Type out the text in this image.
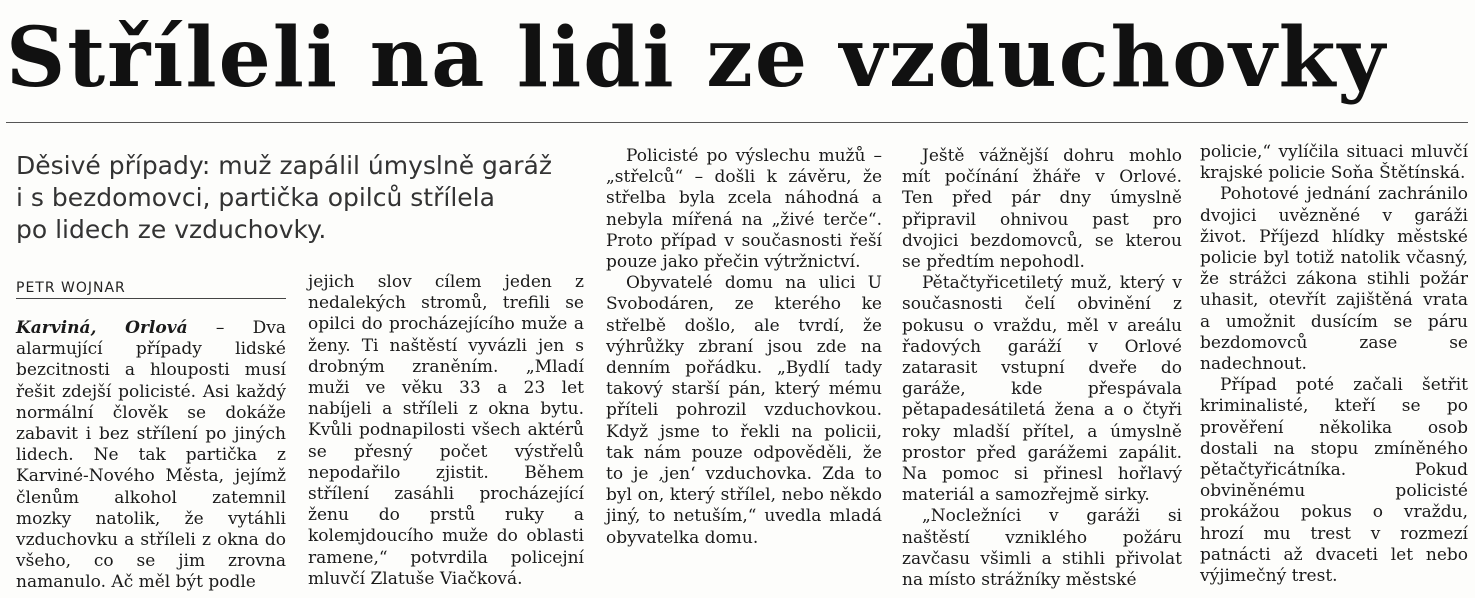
Stříleli na lidi ze vzduchovky
Děsivé případy: muž zapálil úmyslně garáž
i s bezdomovci, partička opilců střílela
po lidech ze vzduchovky.
PETR WOJNAR

Karviná, Orlová – Dva alarmující případy lidské bezcitnosti a hlouposti musí řešit zdejší policisté. Asi každý normální člověk se dokáže zabavit i bez střílení po jiných lidech. Ne tak partička z Karviné-Nového Města, jejímž členům alkohol zatemnil mozky natolik, že vytáhli vzduchovku a stříleli z okna do všeho, co se jim zrovna namanulo. Ač měl být podle

jejich slov cílem jeden z nedalekých stromů, trefili se opilci do procházejícího muže a ženy. Ti naštěstí vyvázli jen s drobným zraněním. „Mladí muži ve věku 33 a 23 let nabíjeli a stříleli z okna bytu. Kvůli podnapilosti všech aktérů se přesný počet výstřelů nepodařilo zjistit. Během střílení zasáhli procházející ženu do prstů ruky a kolemjdoucího muže do oblasti ramene,“ potvrdila policejní mluvčí Zlatuše Viačková.

Policisté po výslechu mužů – „střelců“ – došli k závěru, že střelba byla zcela náhodná a nebyla mířená na „živé terče“. Proto případ v současnosti řeší pouze jako přečin výtržnictví.

Obyvatelé domu na ulici U Svobodáren, ze kterého ke střelbě došlo, ale tvrdí, že výhrůžky zbraní jsou zde na denním pořádku. „Bydlí tady takový starší pán, který mému příteli pohrozil vzduchovkou. Když jsme to řekli na policii, tak nám pouze odpověděli, že to je ‚jen‘ vzduchovka. Zda to byl on, který střílel, nebo někdo jiný, to netuším,“ uvedla mladá obyvatelka domu.

Ještě vážnější dohru mohlo mít počínání žháře v Orlové. Ten před pár dny úmyslně připravil ohnivou past pro dvojici bezdomovců, se kterou se předtím nepohodl.

Pětačtyřicetiletý muž, který v současnosti čelí obvinění z pokusu o vraždu, měl v areálu řadových garáží v Orlové zatarasit vstupní dveře do garáže, kde přespávala pětapadesátiletá žena a o čtyři roky mladší přítel, a úmyslně prostor před garážemi zapálit. Na pomoc si přinesl hořlavý materiál a samozřejmě sirky.

„Nocležníci v garáži si naštěstí vzniklého požáru zavčasu všimli a stihli přivolat na místo strážníky městské

policie,“ vylíčila situaci mluvčí krajské policie Soňa Štětínská.

Pohotové jednání zachránilo dvojici uvězněné v garáži život. Příjezd hlídky městské policie byl totiž natolik včasný, že strážci zákona stihli požár uhasit, otevřít zajištěná vrata a umožnit dusícím se páru bezdomovců zase se nadechnout.

Případ poté začali šetřit kriminalisté, kteří se po prověření několika osob dostali na stopu zmíněného pětačtyřicátníka. Pokud obviněnému policisté prokážou pokus o vraždu, hrozí mu trest v rozmezí patnácti až dvaceti let nebo výjimečný trest.
